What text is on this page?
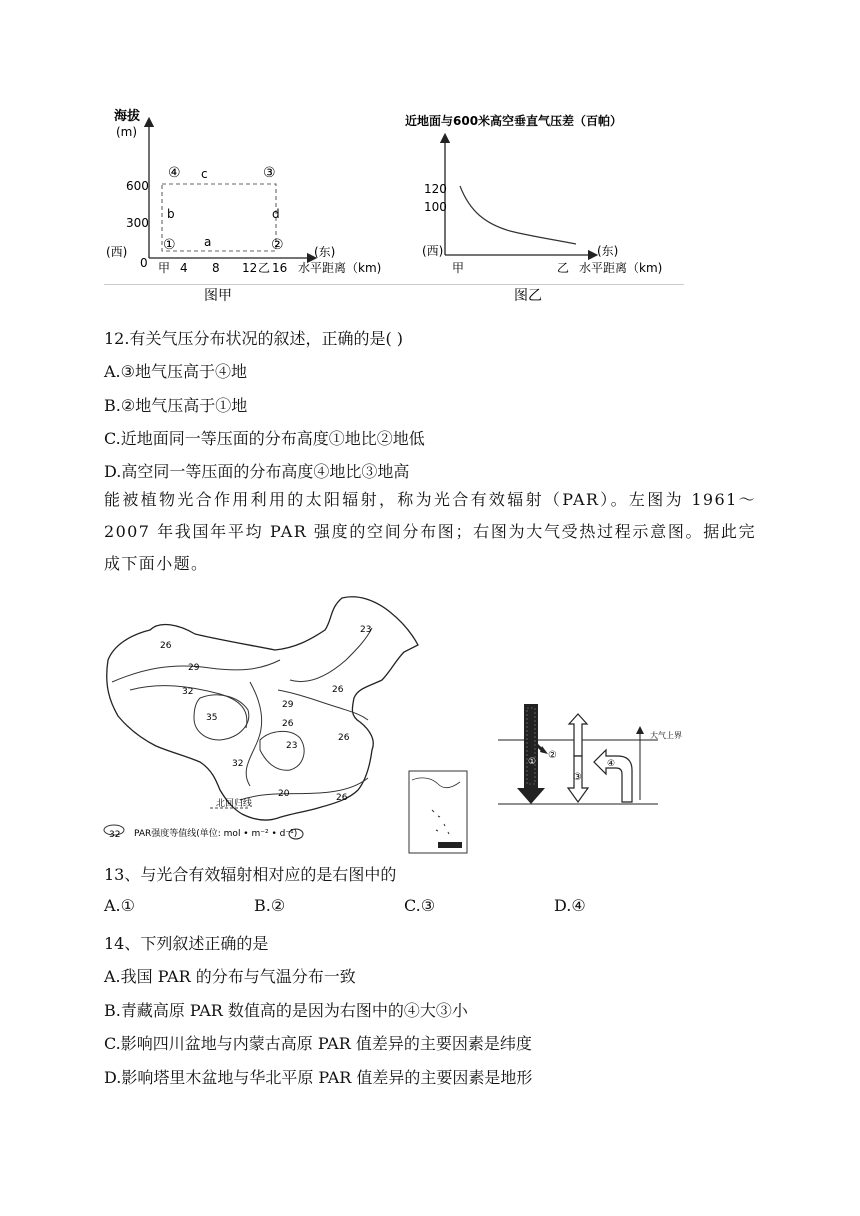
海拔
(m)
600
300
0
④	③
①	②
c
b	d
a
(西)	(东)
甲 4 8 12 乙 16 水平距离（km)
图甲
近地面与600米高空垂直气压差（百帕）
120
100
(西)	(东)
甲	乙 水平距离（km)
图乙
12.有关气压分布状况的叙述，正确的是( )
A.③地气压高于④地
B.②地气压高于①地
C.近地面同一等压面的分布高度①地比②地低
D.高空同一等压面的分布高度④地比③地高
能被植物光合作用利用的太阳辐射，称为光合有效辐射（PAR）。左图为 1961～2007 年我国年平均 PAR 强度的空间分布图；右图为大气受热过程示意图。据此完成下面小题。
北回归线
23
26
29
32
35
29
26
26
23
26
32
20	26
32 PAR强度等值线(单位: mol • m⁻² • d⁻¹)
大气上界
①
②
③
④
13、与光合有效辐射相对应的是右图中的
A.①	B.②	C.③	D.④
14、下列叙述正确的是
A.我国 PAR 的分布与气温分布一致
B.青藏高原 PAR 数值高的是因为右图中的④大③小
C.影响四川盆地与内蒙古高原 PAR 值差异的主要因素是纬度
D.影响塔里木盆地与华北平原 PAR 值差异的主要因素是地形
